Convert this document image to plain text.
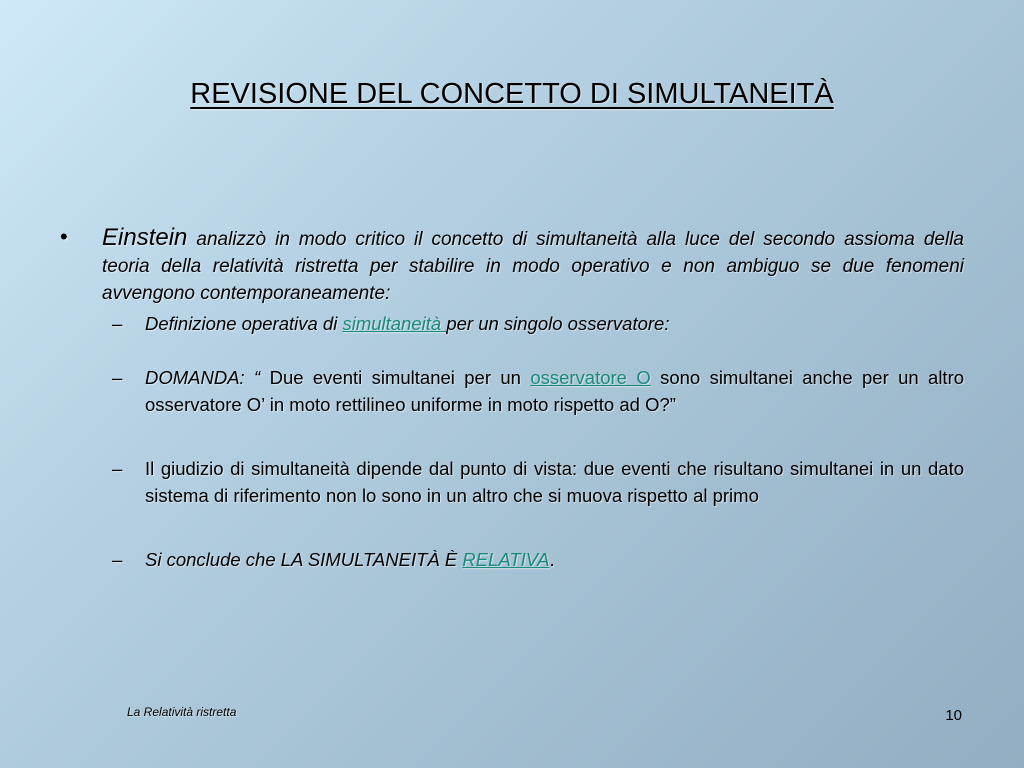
REVISIONE DEL CONCETTO DI SIMULTANEITÀ
•	Einstein analizzò in modo critico il concetto di simultaneità alla luce del secondo assioma della teoria della relatività ristretta per stabilire in modo operativo e non ambiguo se due fenomeni avvengono contemporaneamente:
–	Definizione operativa di simultaneità per un singolo osservatore:
–	DOMANDA: “ Due eventi simultanei per un osservatore O sono simultanei anche per un altro osservatore O’ in moto rettilineo uniforme in moto rispetto ad O?”
–	Il giudizio di simultaneità dipende dal punto di vista: due eventi che risultano simultanei in un dato sistema di riferimento non lo sono in un altro che si muova rispetto al primo
–	Si conclude che LA SIMULTANEITÀ È RELATIVA.
La Relatività ristretta	10
